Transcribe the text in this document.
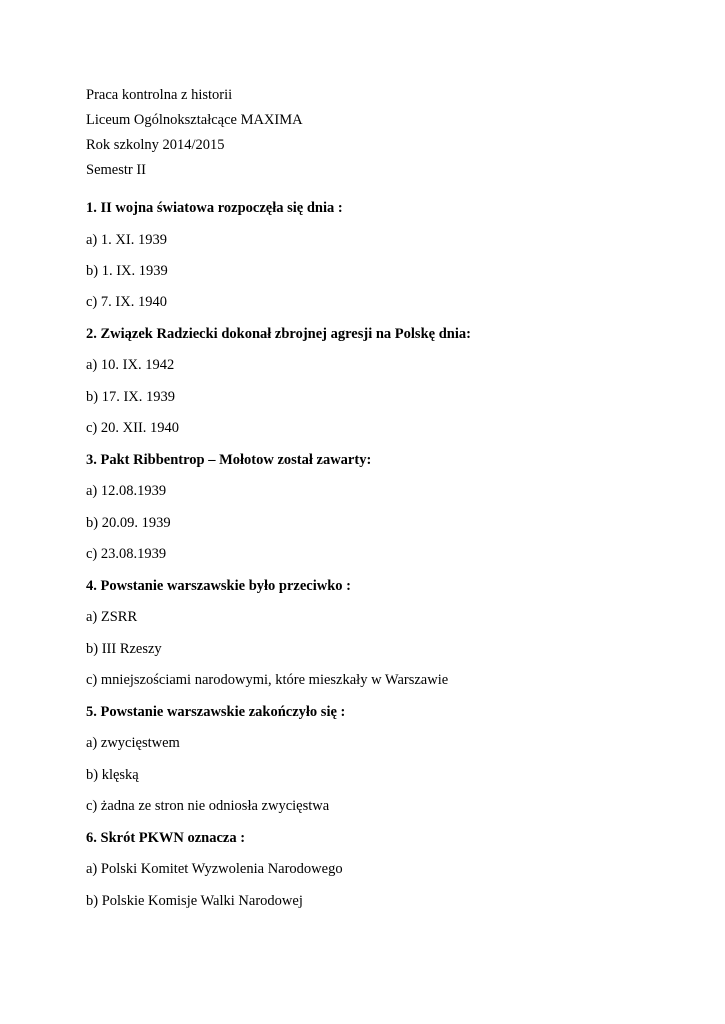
Praca kontrolna z historii
Liceum Ogólnokształcące MAXIMA
Rok szkolny 2014/2015
Semestr II
1. II wojna światowa rozpoczęła się dnia :
a) 1. XI. 1939
b) 1. IX. 1939
c) 7. IX. 1940
2. Związek Radziecki dokonał zbrojnej agresji na Polskę dnia:
a) 10. IX. 1942
b) 17. IX. 1939
c) 20. XII. 1940
3. Pakt Ribbentrop – Mołotow został zawarty:
a) 12.08.1939
b) 20.09. 1939
c) 23.08.1939
4. Powstanie warszawskie było przeciwko :
a) ZSRR
b) III Rzeszy
c) mniejszościami narodowymi, które mieszkały w Warszawie
5. Powstanie warszawskie zakończyło się :
a) zwycięstwem
b) klęską
c) żadna ze stron nie odniosła zwycięstwa
6. Skrót PKWN oznacza :
a) Polski Komitet Wyzwolenia Narodowego
b) Polskie Komisje Walki Narodowej
